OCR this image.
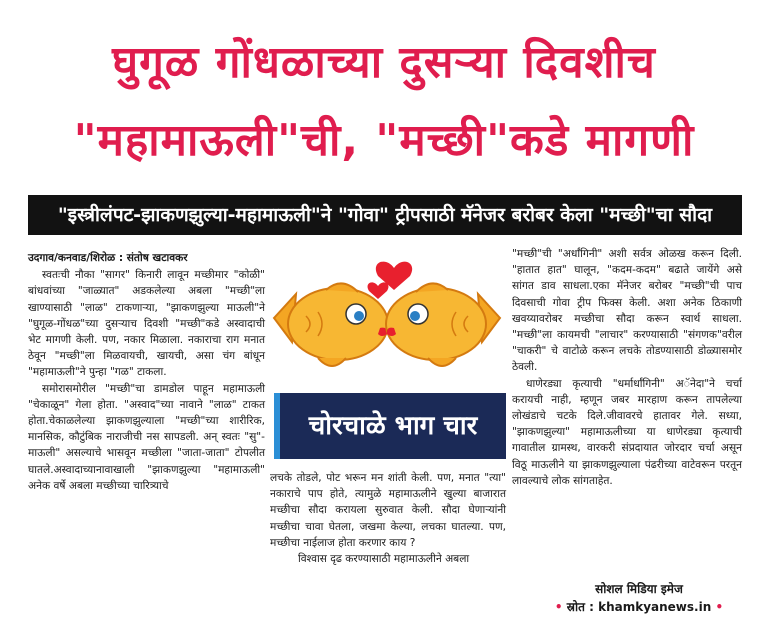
घुगूळ गोंधळाच्या दुसऱ्या दिवशीच
"महामाऊली"ची, "मच्छी"कडे मागणी
"इस्त्रीलंपट-झाकणझुल्या-महामाऊली"ने "गोवा" ट्रीपसाठी मॅनेजर बरोबर केला "मच्छी"चा सौदा
उदगाव/कनवाड/शिरोळ : संतोष खटावकर

स्वतःची नौका "सागर" किनारी लावून मच्छीमार "कोळी" बांधवांच्या "जाळ्यात" अडकलेल्या अबला "मच्छी"ला खाण्यासाठी "लाळ" टाकणाऱ्या, "झाकणझुल्या माऊली"ने "घुगूळ-गोंधळ"च्या दुसऱ्याच दिवशी "मच्छी"कडे अस्वादाची भेट मागणी केली. पण, नकार मिळाला. नकाराचा राग मनात ठेवून "मच्छी"ला मिळवायची, खायची, असा चंग बांधून "महामाऊली"ने पुन्हा "गळ" टाकला.

समोरासमोरील "मच्छी"चा डामडोल पाहून महामाऊली "चेकाळून" गेला होता. "अस्वाद"च्या नावाने "लाळ" टाकत होता.चेकाळलेल्या झाकणझुल्याला "मच्छी"च्या शारीरिक, मानसिक, कौटुंबिक नाराजीची नस सापडली. अन् स्वतः "सु"-माऊली" असल्याचे भासवून मच्छीला "जाता-जाता" टोपलीत घातले.अस्वादाच्यानावाखाली "झाकणझुल्या "महामाऊली" अनेक वर्षे अबला मच्छीच्या चारित्र्याचे

चोरचाळे भाग चार

लचके तोडले, पोट भरून मन शांती केली. पण, मनात "त्या" नकाराचे पाप होते, त्यामुळे महामाऊलीने खुल्या बाजारात मच्छीचा सौदा करायला सुरुवात केली. सौदा घेणाऱ्यांनी मच्छीचा चावा घेतला, जखमा केल्या, लचका घातल्या. पण, मच्छीचा नाईलाज होता करणार काय ?

विश्वास दृढ करण्यासाठी महामाऊलीने अबला

"मच्छी"ची "अर्धांगिनी" अशी सर्वत्र ओळख करून दिली. "हातात हात" घालून, "कदम-कदम" बढाते जायेंगे असे सांगत डाव साधला.एका मॅनेजर बरोबर "मच्छी"ची पाच दिवसाची गोवा ट्रीप फिक्स केली. अशा अनेक ठिकाणी खवय्यावरोबर मच्छीचा सौदा करून स्वार्थ साधला. "मच्छी"ला कायमची "लाचार" करण्यासाठी "संगणक"वरील "चाकरी" चे वाटोळे करून लचके तोडण्यासाठी डोळ्यासमोर ठेवली.

धाणेरड्या कृत्याची "धर्मार्धांगिनी" अॅनेदा"ने चर्चा करायची नाही, म्हणून जबर मारहाण करून तापलेल्या लोखंडाचे चटके दिले.जीवावरचे हातावर गेले. सध्या, "झाकणझुल्या" महामाऊलीच्या या धाणेरड्या कृत्याची गावातील ग्रामस्थ, वारकरी संप्रदायात जोरदार चर्चा असून विठू माऊलीने या झाकणझुल्याला पंढरीच्या वाटेवरून परतून लावल्याचे लोक सांगताहेत.

सोशल मिडिया इमेज
• स्रोत : khamkyanews.in •
